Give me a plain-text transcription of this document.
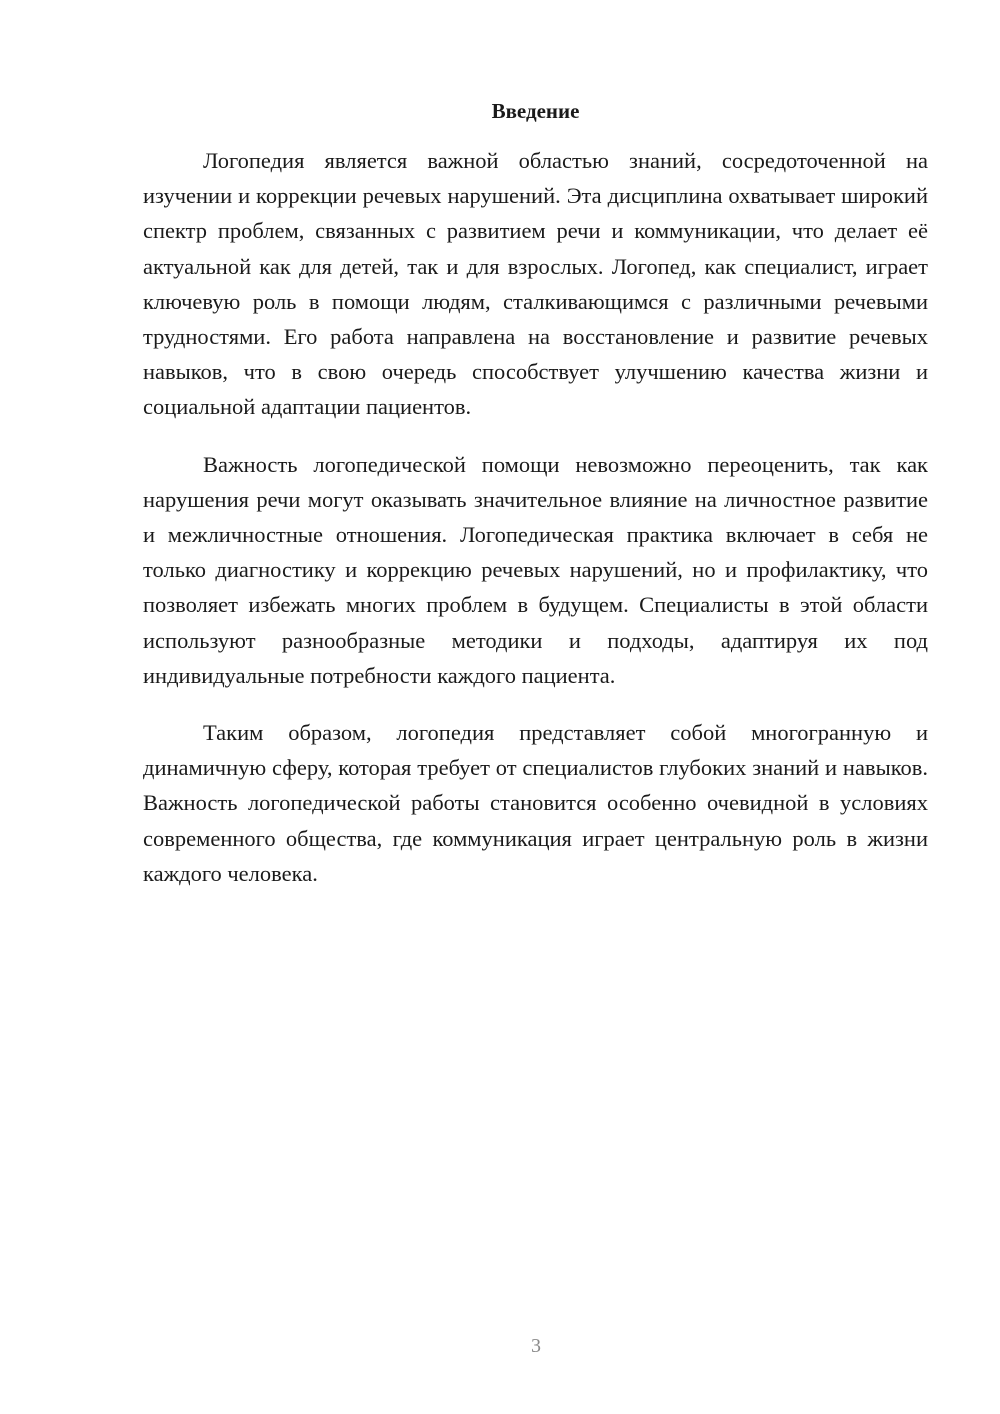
Введение

Логопедия является важной областью знаний, сосредоточенной на изучении и коррекции речевых нарушений. Эта дисциплина охватывает широкий спектр проблем, связанных с развитием речи и коммуникации, что делает её актуальной как для детей, так и для взрослых. Логопед, как специалист, играет ключевую роль в помощи людям, сталкивающимся с различными речевыми трудностями. Его работа направлена на восстановление и развитие речевых навыков, что в свою очередь способствует улучшению качества жизни и социальной адаптации пациентов.

Важность логопедической помощи невозможно переоценить, так как нарушения речи могут оказывать значительное влияние на личностное развитие и межличностные отношения. Логопедическая практика включает в себя не только диагностику и коррекцию речевых нарушений, но и профилактику, что позволяет избежать многих проблем в будущем. Специалисты в этой области используют разнообразные методики и подходы, адаптируя их под индивидуальные потребности каждого пациента.

Таким образом, логопедия представляет собой многогранную и динамичную сферу, которая требует от специалистов глубоких знаний и навыков. Важность логопедической работы становится особенно очевидной в условиях современного общества, где коммуникация играет центральную роль в жизни каждого человека.

3
